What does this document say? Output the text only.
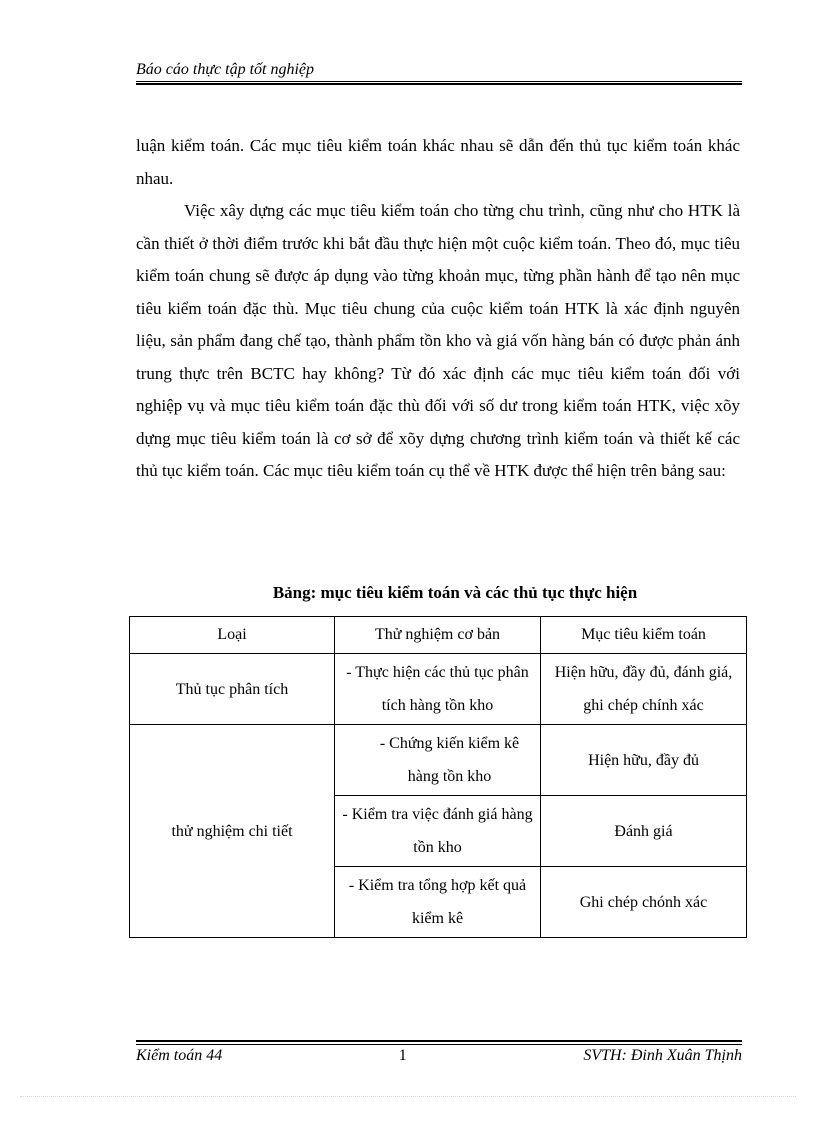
Báo cáo thực tập tốt nghiệp

luận kiểm toán. Các mục tiêu kiểm toán khác nhau sẽ dẫn đến thủ tục kiểm toán khác nhau.

Việc xây dựng các mục tiêu kiểm toán cho từng chu trình, cũng như cho HTK là cần thiết ở thời điểm trước khi bắt đầu thực hiện một cuộc kiểm toán. Theo đó, mục tiêu kiểm toán chung sẽ được áp dụng vào từng khoản mục, từng phần hành để tạo nên mục tiêu kiểm toán đặc thù. Mục tiêu chung của cuộc kiểm toán HTK là xác định nguyên liệu, sản phẩm đang chế tạo, thành phẩm tồn kho và giá vốn hàng bán có được phản ánh trung thực trên BCTC hay không? Từ đó xác định các mục tiêu kiểm toán đối với nghiệp vụ và mục tiêu kiểm toán đặc thù đối với số dư trong kiểm toán HTK, việc xõy dựng mục tiêu kiểm toán là cơ sở để xõy dựng chương trình kiểm toán và thiết kế các thủ tục kiểm toán. Các mục tiêu kiểm toán cụ thể về HTK được thể hiện trên bảng sau:

Bảng: mục tiêu kiểm toán và các thủ tục thực hiện
Loại	Thử nghiệm cơ bản	Mục tiêu kiểm toán
Thủ tục phân tích	- Thực hiện các thủ tục phân tích hàng tồn kho	Hiện hữu, đầy đủ, đánh giá, ghi chép chính xác
thử nghiệm chi tiết	- Chứng kiến kiểm kê hàng tồn kho	Hiện hữu, đầy đủ
	- Kiểm tra việc đánh giá hàng tồn kho	Đánh giá
	- Kiểm tra tổng hợp kết quả kiểm kê	Ghi chép chónh xác
Kiểm toán 44	1	SVTH: Đinh Xuân Thịnh
